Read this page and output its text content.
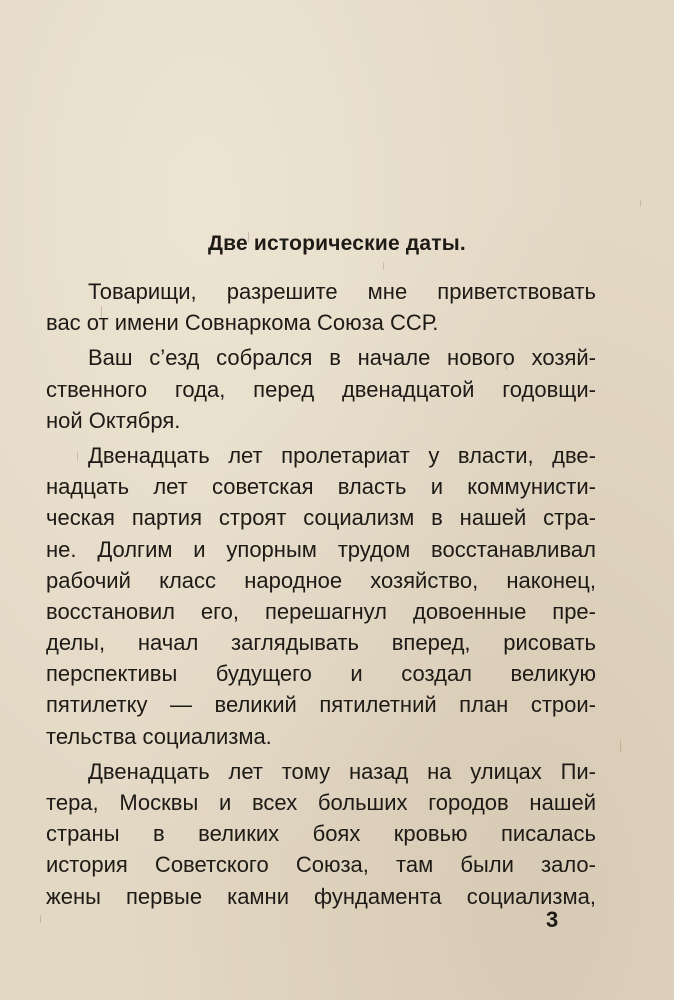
Две исторические даты.
Товарищи, разрешите мне приветствовать
вас от имени Совнаркома Союза ССР.
Ваш с’езд собрался в начале нового хозяй-
ственного года, перед двенадцатой годовщи-
ной Октября.
Двенадцать лет пролетариат у власти, две-
надцать лет советская власть и коммунисти-
ческая партия строят социализм в нашей стра-
не. Долгим и упорным трудом восстанавливал
рабочий класс народное хозяйство, наконец,
восстановил его, перешагнул довоенные пре-
делы, начал заглядывать вперед, рисовать
перспективы будущего и создал великую
пятилетку — великий пятилетний план строи-
тельства социализма.
Двенадцать лет тому назад на улицах Пи-
тера, Москвы и всех больших городов нашей
страны в великих боях кровью писалась
история Советского Союза, там были зало-
жены первые камни фундамента социализма,
3
